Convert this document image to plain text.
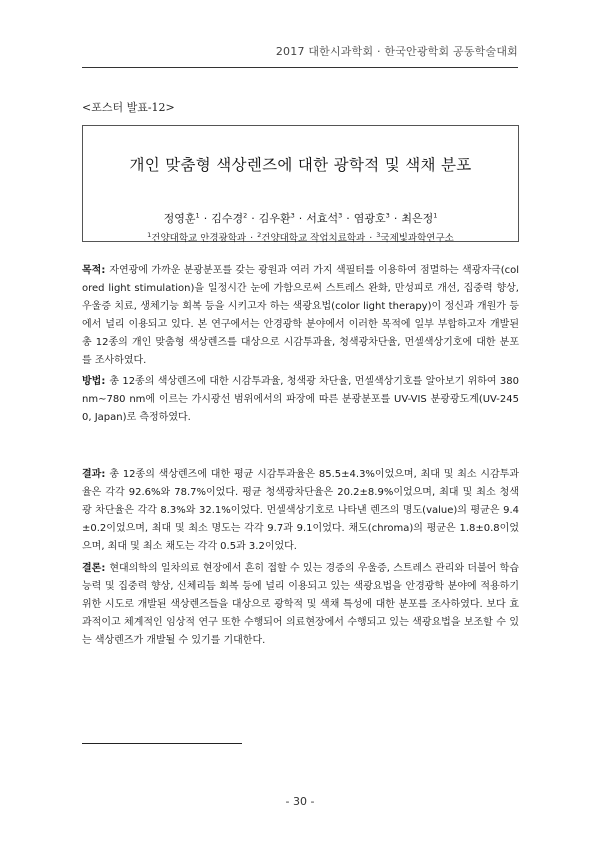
2017 대한시과학회 · 한국안광학회 공동학술대회
<포스터 발표-12>
개인 맞춤형 색상렌즈에 대한 광학적 및 색채 분포
정영훈$^1$ · 김수경$^2$ · 김우환$^3$ · 서효석$^3$ · 염광호$^3$ · 최은정$^1$
$^1$건양대학교 안경광학과 · $^2$건양대학교 작업치료학과 · $^3$국제빛과학연구소

목적: 자연광에 가까운 분광분포를 갖는 광원과 여러 가지 색필터를 이용하여 점멸하는 색광자극(colored light stimulation)을 일정시간 눈에 가함으로써 스트레스 완화, 만성피로 개선, 집중력 향상, 우울증 치료, 생체기능 회복 등을 시키고자 하는 색광요법(color light therapy)이 정신과 개원가 등에서 널리 이용되고 있다. 본 연구에서는 안경광학 분야에서 이러한 목적에 일부 부합하고자 개발된 총 12종의 개인 맞춤형 색상렌즈를 대상으로 시감투과율, 청색광차단율, 먼셀색상기호에 대한 분포를 조사하였다.

방법: 총 12종의 색상렌즈에 대한 시감투과율, 청색광 차단율, 먼셀색상기호를 알아보기 위하여 380 nm∼780 nm에 이르는 가시광선 범위에서의 파장에 따른 분광분포를 UV-VIS 분광광도계(UV-2450, Japan)로 측정하였다.

결과: 총 12종의 색상렌즈에 대한 평균 시감투과율은 85.5±4.3%이었으며, 최대 및 최소 시감투과율은 각각 92.6%와 78.7%이었다. 평균 청색광차단율은 20.2±8.9%이었으며, 최대 및 최소 청색광 차단율은 각각 8.3%와 32.1%이었다. 먼셀색상기호로 나타낸 렌즈의 명도(value)의 평균은 9.4±0.2이었으며, 최대 및 최소 명도는 각각 9.7과 9.1이었다. 채도(chroma)의 평균은 1.8±0.8이었으며, 최대 및 최소 채도는 각각 0.5과 3.2이었다.

결론: 현대의학의 일차의료 현장에서 흔히 접할 수 있는 경증의 우울증, 스트레스 관리와 더불어 학습능력 및 집중력 향상, 신체리듬 회복 등에 널리 이용되고 있는 색광요법을 안경광학 분야에 적용하기 위한 시도로 개발된 색상렌즈들을 대상으로 광학적 및 색채 특성에 대한 분포를 조사하였다. 보다 효과적이고 체계적인 임상적 연구 또한 수행되어 의료현장에서 수행되고 있는 색광요법을 보조할 수 있는 색상렌즈가 개발될 수 있기를 기대한다.

- 30 -
